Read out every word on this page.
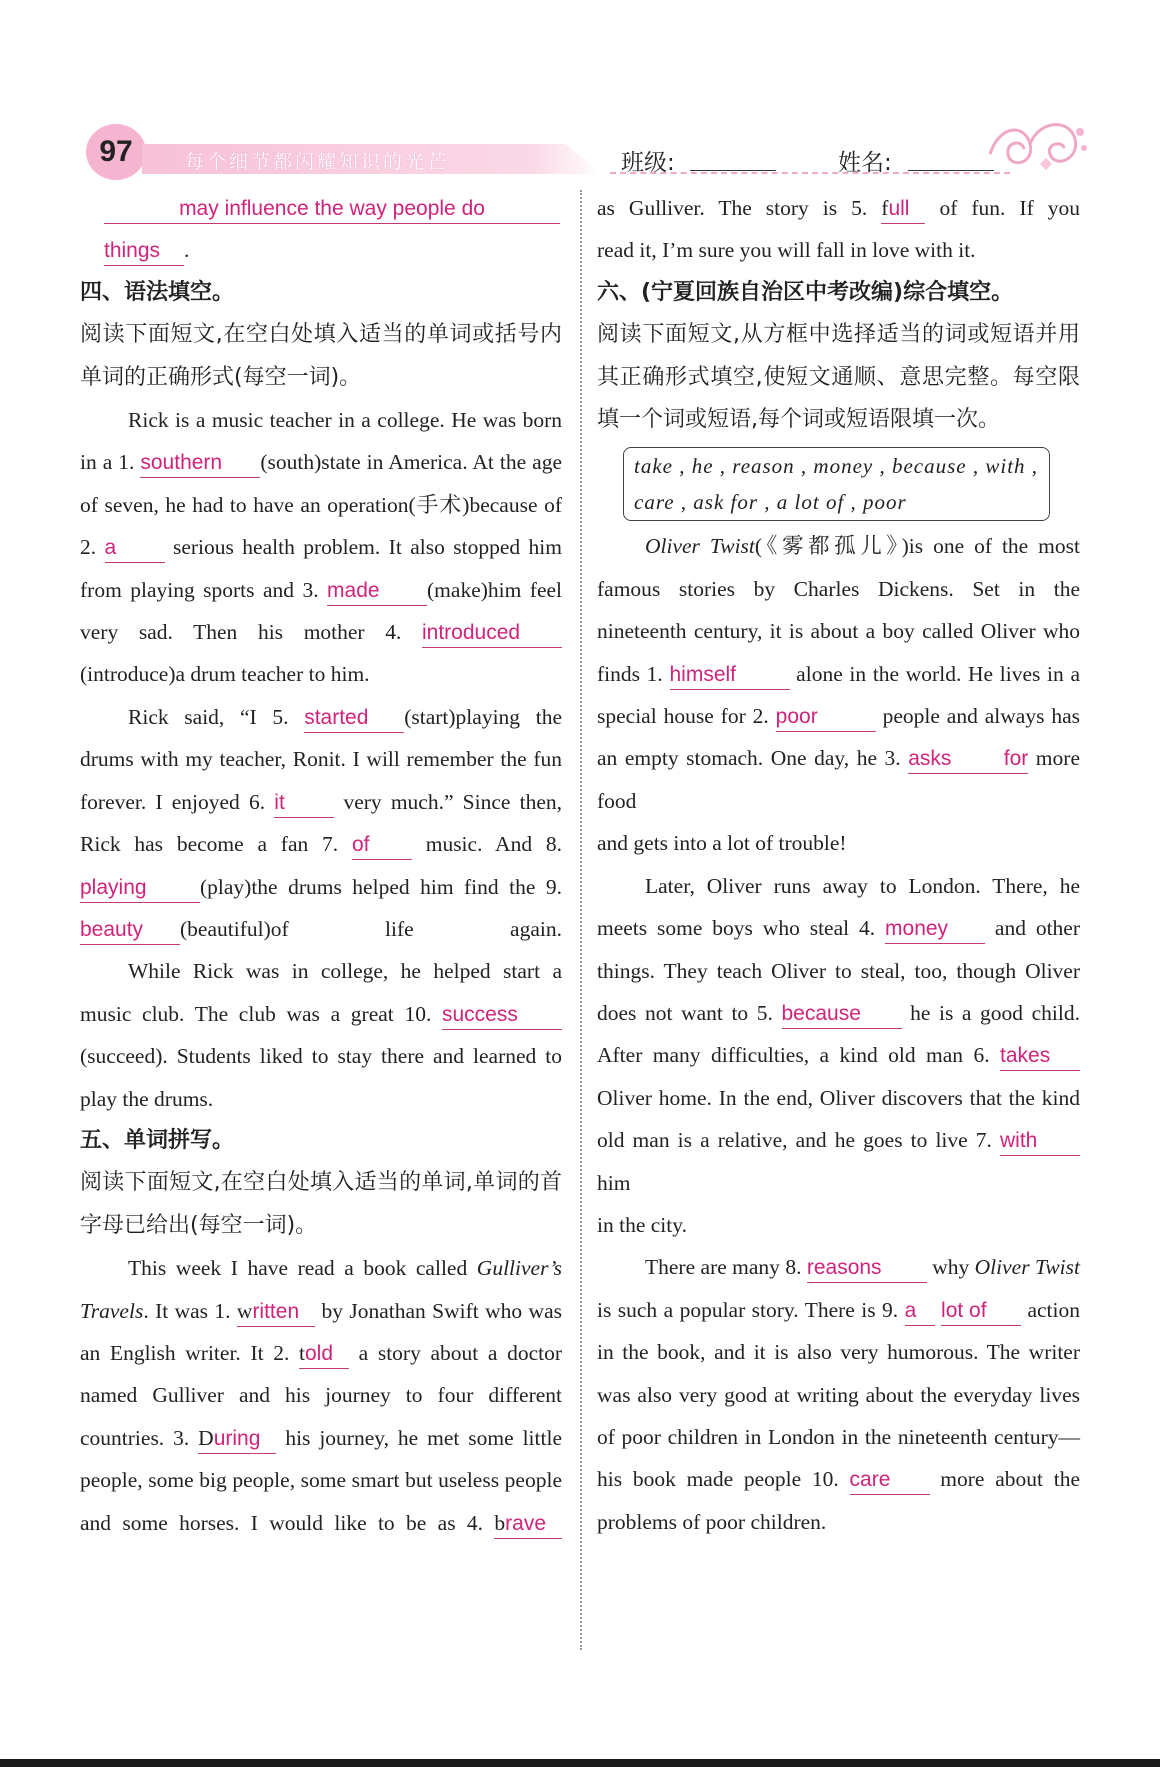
97	每个细节都闪耀知识的光芒	班级:	姓名:

may influence the way people do

things .

四、语法填空。

阅读下面短文,在空白处填入适当的单词或括号内单词的正确形式(每空一词)。

Rick is a music teacher in a college. He was born in a 1. southern (south)state in America. At the age of seven, he had to have an operation(手术)because of 2. a serious health problem. It also stopped him from playing sports and 3. made (make)him feel very sad. Then his mother 4. introduced

(introduce)a drum teacher to him.

Rick said, “I 5. started (start)playing the drums with my teacher, Ronit. I will remember the fun forever. I enjoyed 6. it very much.” Since then, Rick has become a fan 7. of music. And 8. playing (play)the drums helped him find the 9. beauty (beautiful)of life again.

While Rick was in college, he helped start a music club. The club was a great 10. success(succeed). Students liked to stay there and learned to play the drums.

五、单词拼写。

阅读下面短文,在空白处填入适当的单词,单词的首字母已给出(每空一词)。

This week I have read a book called Gulliver’s Travels. It was 1. written by Jonathan Swift who was an English writer. It 2. told a story about a doctor named Gulliver and his journey to four different countries. 3. During his journey, he met some little people, some big people, some smart but useless people and some horses. I would like to be as 4. brave

as Gulliver. The story is 5. full of fun. If you

read it, I’m sure you will fall in love with it.

六、(宁夏回族自治区中考改编)综合填空。

阅读下面短文,从方框中选择适当的词或短语并用其正确形式填空,使短文通顺、意思完整。每空限填一个词或短语,每个词或短语限填一次。

take , he , reason , money , because , with ,
care , ask for , a lot of , poor

Oliver Twist(《雾都孤儿》)is one of the most famous stories by Charles Dickens. Set in the nineteenth century, it is about a boy called Oliver who finds 1. himself alone in the world. He lives in a special house for 2. poor	people and always has an empty stomach. One day, he 3. asks for more food

and gets into a lot of trouble!

Later, Oliver runs away to London. There, he meets some boys who steal 4. money and other things. They teach Oliver to steal, too, though Oliver does not want to 5. because he is a good child. After many difficulties, a kind old man 6. takes Oliver home. In the end, Oliver discovers that the kind old man is a relative, and he goes to live 7. with him

in the city.

There are many 8. reasons why Oliver Twist is such a popular story. There is 9. a lot of action in the book, and it is also very humorous. The writer was also very good at writing about the everyday lives of poor children in London in the nineteenth century—his book made people 10. care more about the problems of poor children.
